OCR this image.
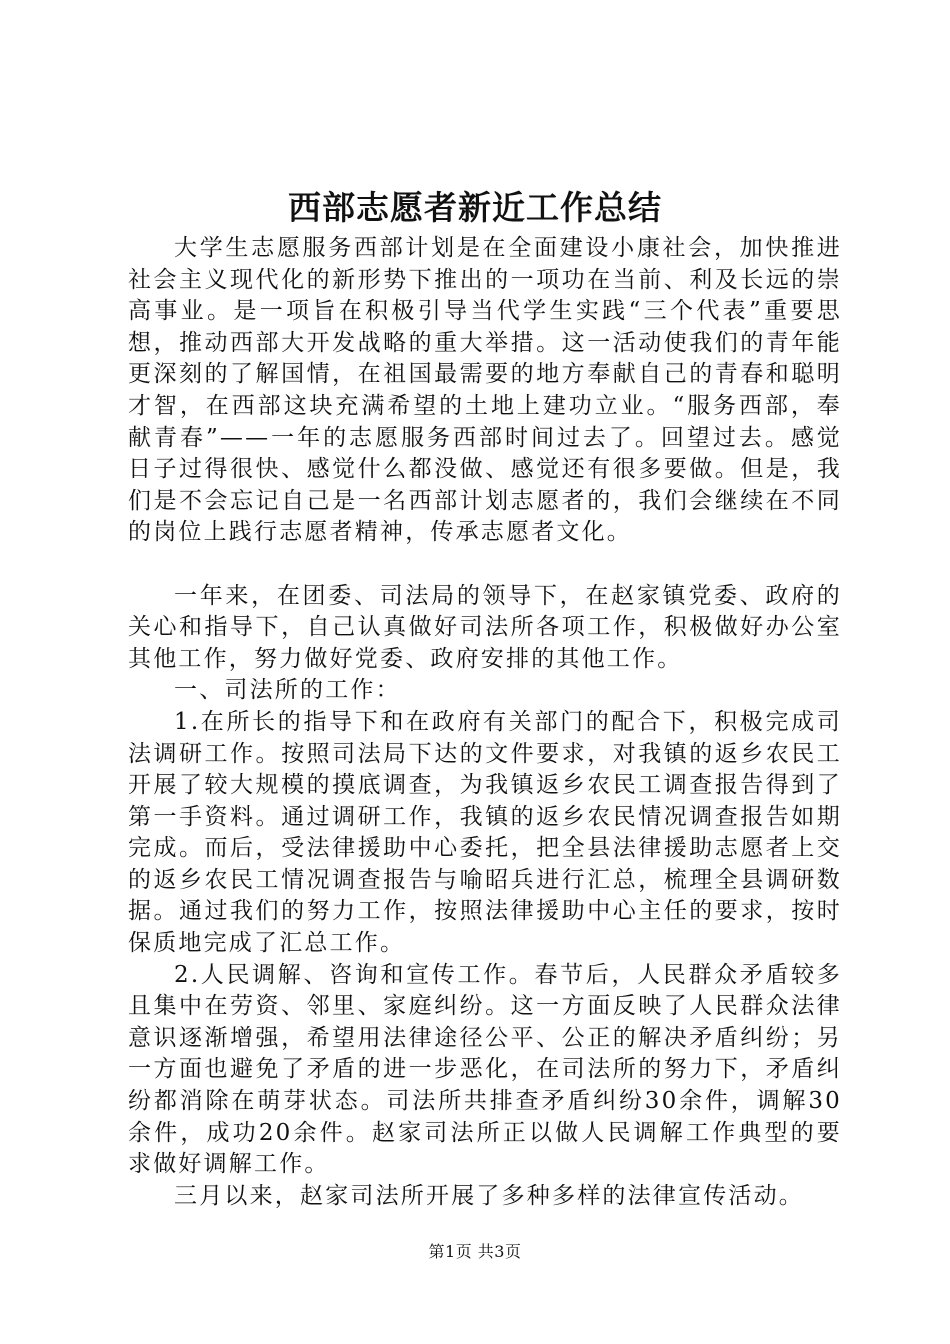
西部志愿者新近工作总结

大学生志愿服务西部计划是在全面建设小康社会，加快推进社会主义现代化的新形势下推出的一项功在当前、利及长远的崇高事业。是一项旨在积极引导当代学生实践“三个代表”重要思想，推动西部大开发战略的重大举措。这一活动使我们的青年能更深刻的了解国情，在祖国最需要的地方奉献自己的青春和聪明才智，在西部这块充满希望的土地上建功立业。“服务西部，奉献青春”——一年的志愿服务西部时间过去了。回望过去。感觉日子过得很快、感觉什么都没做、感觉还有很多要做。但是，我们是不会忘记自己是一名西部计划志愿者的，我们会继续在不同的岗位上践行志愿者精神，传承志愿者文化。

一年来，在团委、司法局的领导下，在赵家镇党委、政府的关心和指导下，自己认真做好司法所各项工作，积极做好办公室其他工作，努力做好党委、政府安排的其他工作。

一、司法所的工作：

1.在所长的指导下和在政府有关部门的配合下，积极完成司法调研工作。按照司法局下达的文件要求，对我镇的返乡农民工开展了较大规模的摸底调查，为我镇返乡农民工调查报告得到了第一手资料。通过调研工作，我镇的返乡农民情况调查报告如期完成。而后，受法律援助中心委托，把全县法律援助志愿者上交的返乡农民工情况调查报告与喻昭兵进行汇总，梳理全县调研数据。通过我们的努力工作，按照法律援助中心主任的要求，按时保质地完成了汇总工作。

2.人民调解、咨询和宣传工作。春节后，人民群众矛盾较多且集中在劳资、邻里、家庭纠纷。这一方面反映了人民群众法律意识逐渐增强，希望用法律途径公平、公正的解决矛盾纠纷；另一方面也避免了矛盾的进一步恶化，在司法所的努力下，矛盾纠纷都消除在萌芽状态。司法所共排查矛盾纠纷30余件，调解30余件，成功20余件。赵家司法所正以做人民调解工作典型的要求做好调解工作。

三月以来，赵家司法所开展了多种多样的法律宣传活动。

第1页 共3页
